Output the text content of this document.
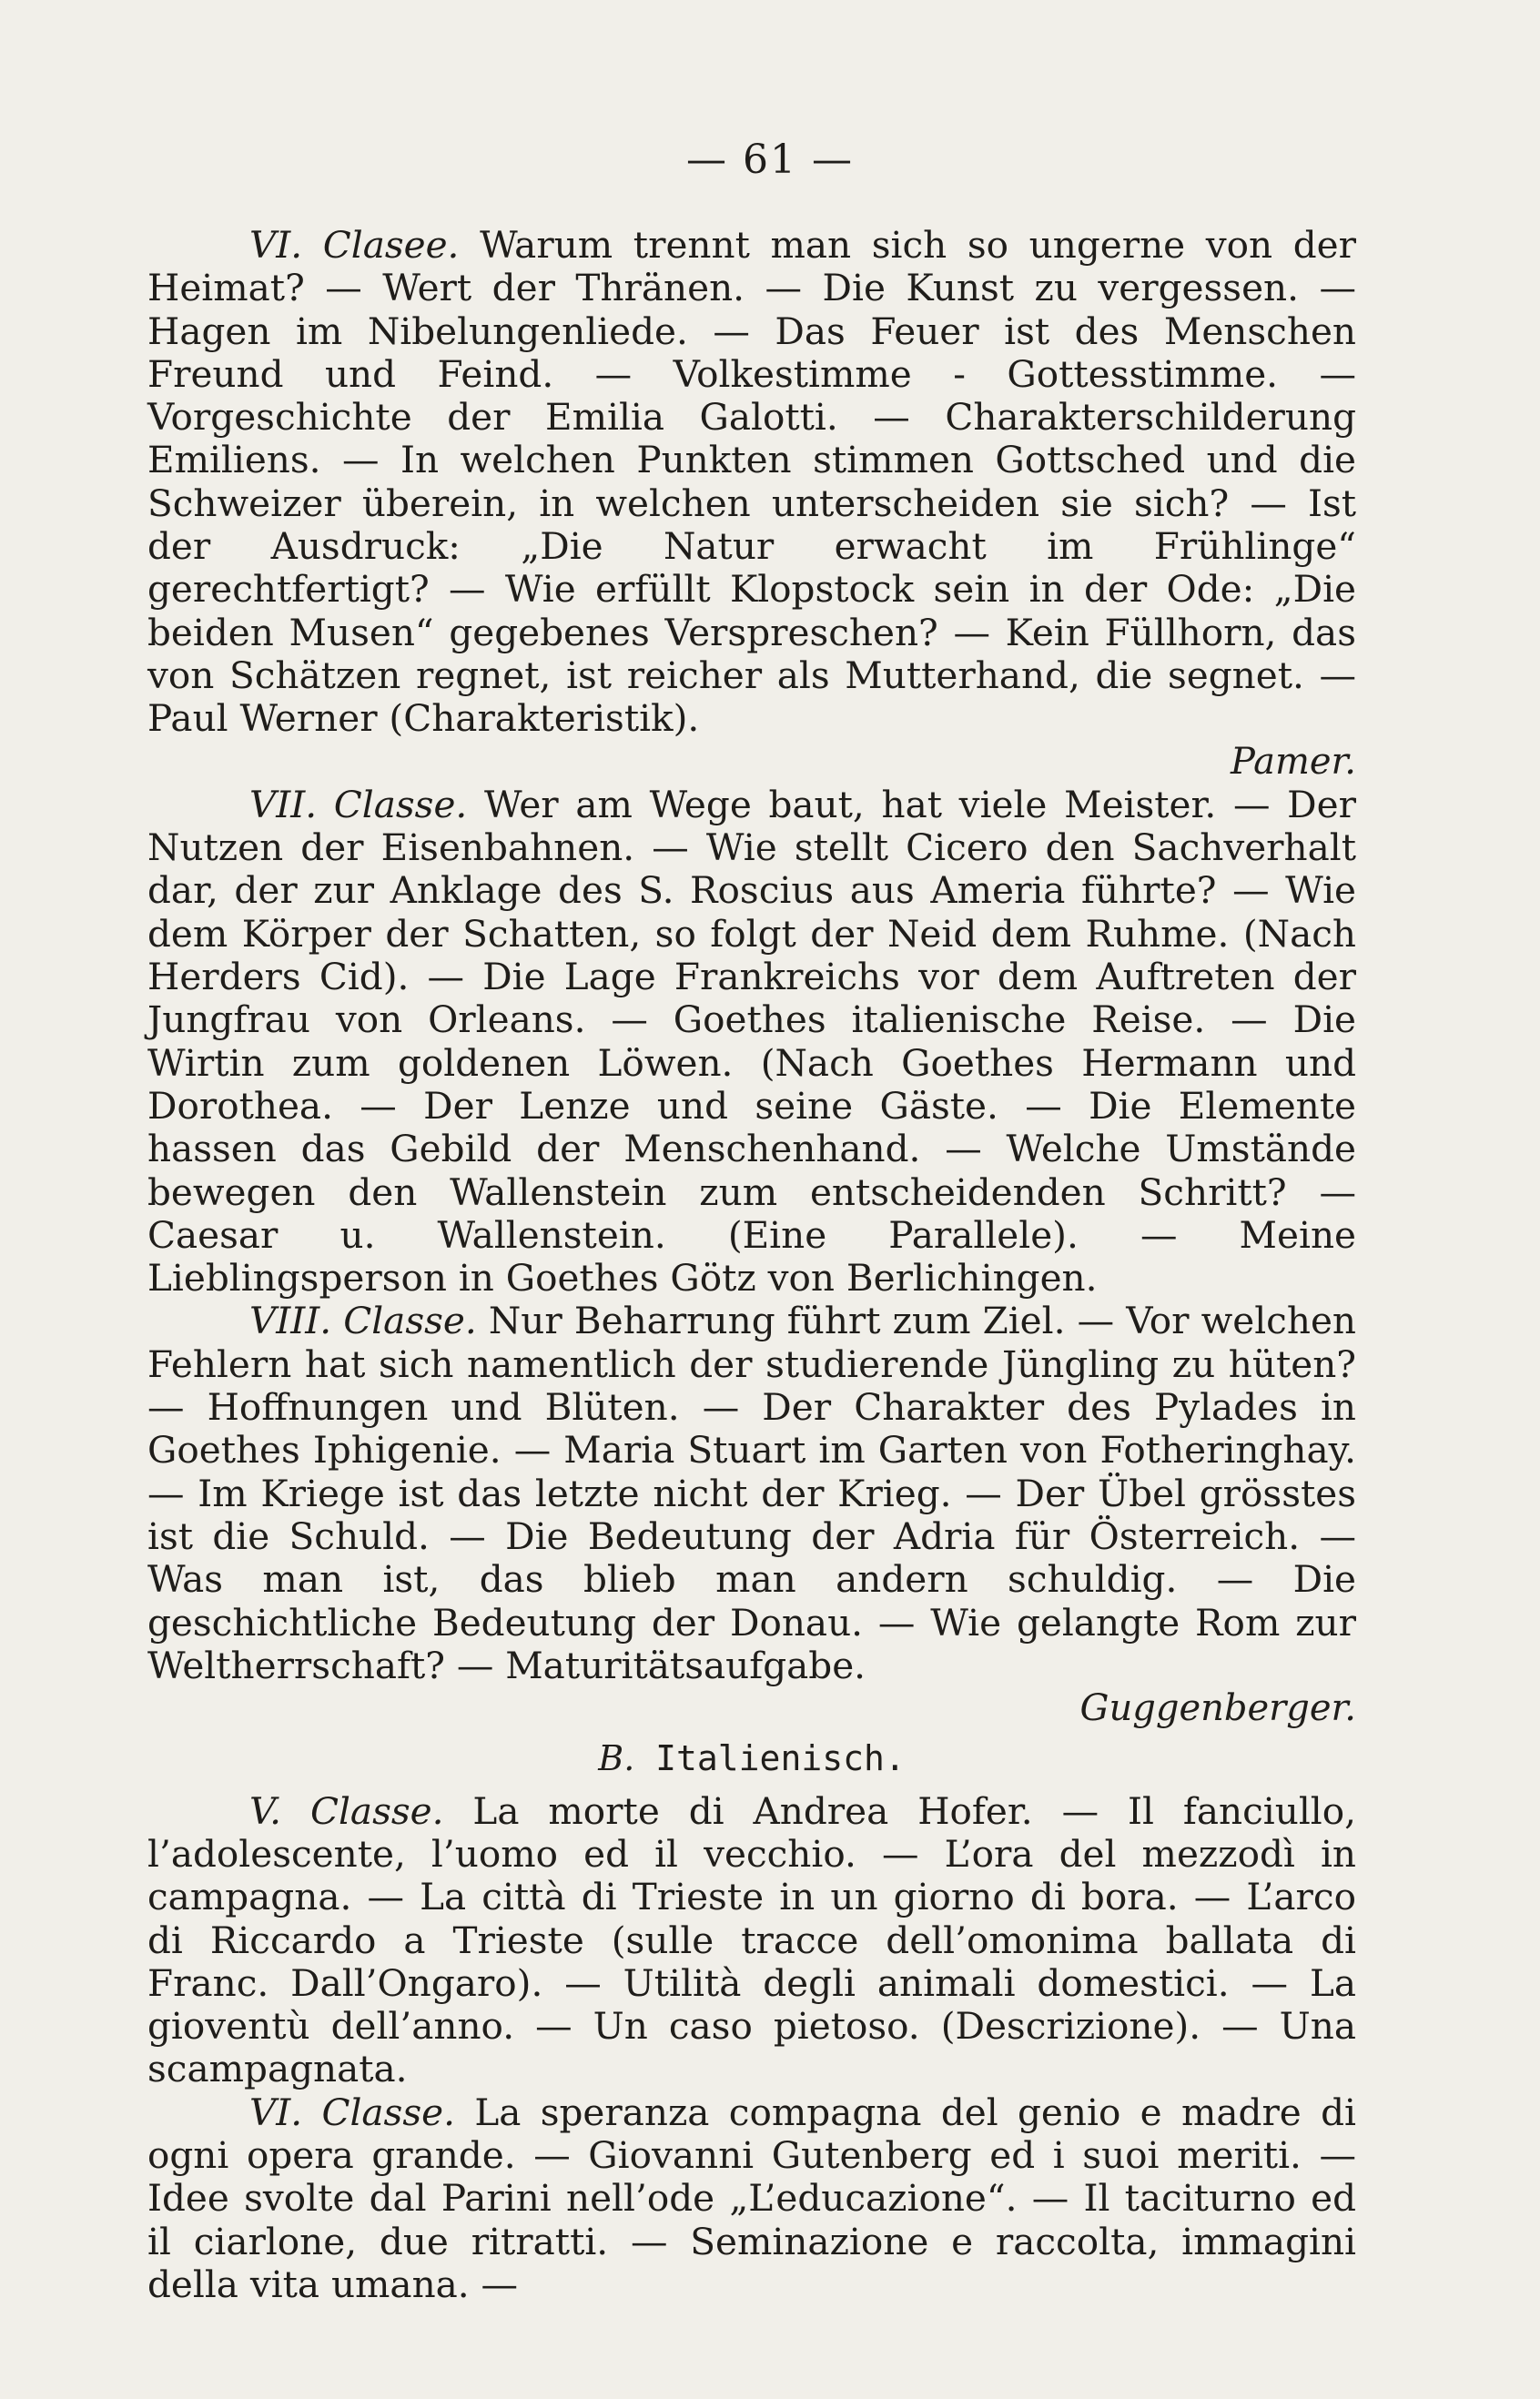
— 61 —

VI. Clasee. Warum trennt man sich so ungerne von der Heimat? — Wert der Thränen. — Die Kunst zu vergessen. — Hagen im Nibelungenliede. — Das Feuer ist des Menschen Freund und Feind. — Volkestimme - Gottesstimme. — Vorgeschichte der Emilia Galotti. — Charakterschilderung Emiliens. — In welchen Punkten stimmen Gottsched und die Schweizer überein, in welchen unterscheiden sie sich? — Ist der Ausdruck: „Die Natur erwacht im Frühlinge“ gerechtfertigt? — Wie erfüllt Klopstock sein in der Ode: „Die beiden Musen“ gegebenes Verspreschen? — Kein Füllhorn, das von Schätzen regnet, ist reicher als Mutterhand, die segnet. — Paul Werner (Charakteristik).

Pamer.

VII. Classe. Wer am Wege baut, hat viele Meister. — Der Nutzen der Eisenbahnen. — Wie stellt Cicero den Sachverhalt dar, der zur Anklage des S. Roscius aus Ameria führte? — Wie dem Körper der Schatten, so folgt der Neid dem Ruhme. (Nach Herders Cid). — Die Lage Frankreichs vor dem Auftreten der Jungfrau von Orleans. — Goethes italienische Reise. — Die Wirtin zum goldenen Löwen. (Nach Goethes Hermann und Dorothea. — Der Lenze und seine Gäste. — Die Elemente hassen das Gebild der Menschenhand. — Welche Umstände bewegen den Wallenstein zum entscheidenden Schritt? — Caesar u. Wallenstein. (Eine Parallele). — Meine Lieblingsperson in Goethes Götz von Berlichingen.

VIII. Classe. Nur Beharrung führt zum Ziel. — Vor welchen Fehlern hat sich namentlich der studierende Jüngling zu hüten? — Hoffnungen und Blüten. — Der Charakter des Pylades in Goethes Iphigenie. — Maria Stuart im Garten von Fotheringhay. — Im Kriege ist das letzte nicht der Krieg. — Der Übel grösstes ist die Schuld. — Die Bedeutung der Adria für Österreich. — Was man ist, das blieb man andern schuldig. — Die geschichtliche Bedeutung der Donau. — Wie gelangte Rom zur Weltherrschaft? — Maturitätsaufgabe.

Guggenberger.
B. Italienisch.

V. Classe. La morte di Andrea Hofer. — Il fanciullo, l’adolescente, l’uomo ed il vecchio. — L’ora del mezzodì in campagna. — La città di Trieste in un giorno di bora. — L’arco di Riccardo a Trieste (sulle tracce dell’omonima ballata di Franc. Dall’Ongaro). — Utilità degli animali domestici. — La gioventù dell’anno. — Un caso pietoso. (Descrizione). — Una scampagnata.

VI. Classe. La speranza compagna del genio e madre di ogni opera grande. — Giovanni Gutenberg ed i suoi meriti. — Idee svolte dal Parini nell’ode „L’educazione“. — Il taciturno ed il ciarlone, due ritratti. — Seminazione e raccolta, immagini della vita umana. —
